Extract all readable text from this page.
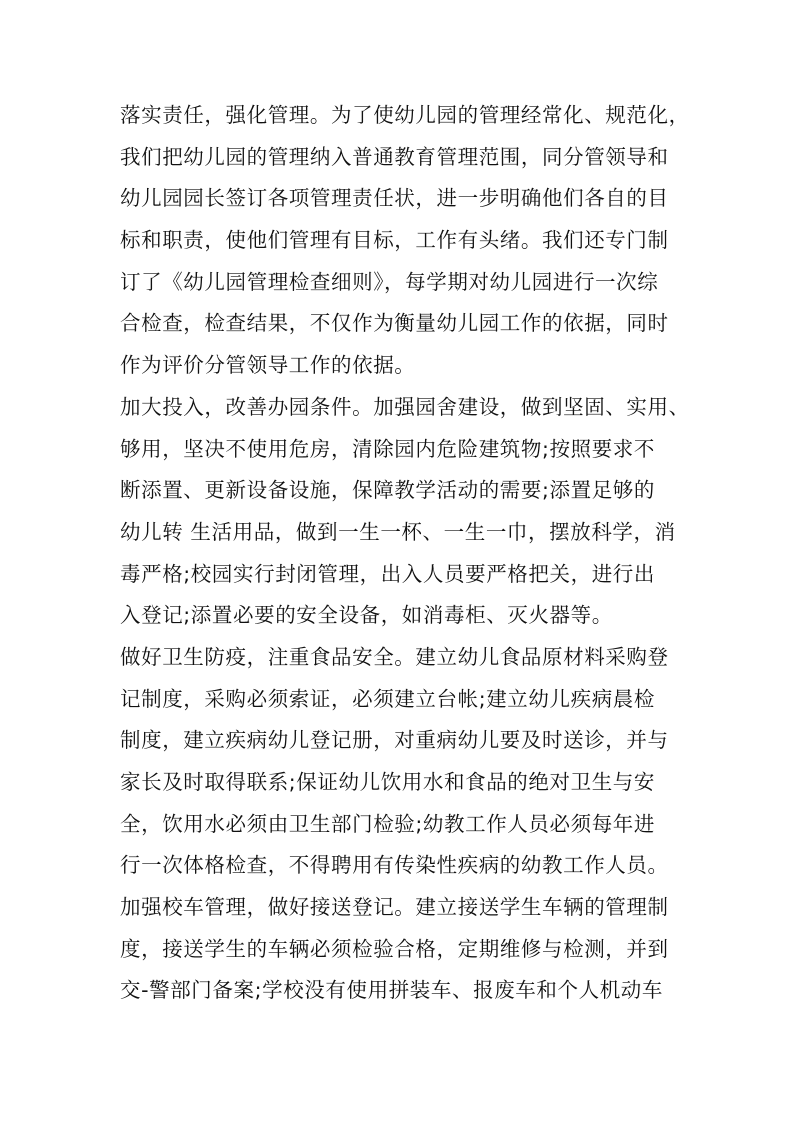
落实责任，强化管理。为了使幼儿园的管理经常化、规范化，
我们把幼儿园的管理纳入普通教育管理范围，同分管领导和
幼儿园园长签订各项管理责任状，进一步明确他们各自的目
标和职责，使他们管理有目标，工作有头绪。我们还专门制
订了《幼儿园管理检查细则》，每学期对幼儿园进行一次综
合检查，检查结果，不仅作为衡量幼儿园工作的依据，同时
作为评价分管领导工作的依据。
加大投入，改善办园条件。加强园舍建设，做到坚固、实用、
够用，坚决不使用危房，清除园内危险建筑物;按照要求不
断添置、更新设备设施，保障教学活动的需要;添置足够的
幼儿转 生活用品，做到一生一杯、一生一巾，摆放科学，消
毒严格;校园实行封闭管理，出入人员要严格把关，进行出
入登记;添置必要的安全设备，如消毒柜、灭火器等。
做好卫生防疫，注重食品安全。建立幼儿食品原材料采购登
记制度，采购必须索证，必须建立台帐;建立幼儿疾病晨检
制度，建立疾病幼儿登记册，对重病幼儿要及时送诊，并与
家长及时取得联系;保证幼儿饮用水和食品的绝对卫生与安
全，饮用水必须由卫生部门检验;幼教工作人员必须每年进
行一次体格检查，不得聘用有传染性疾病的幼教工作人员。
加强校车管理，做好接送登记。建立接送学生车辆的管理制
度，接送学生的车辆必须检验合格，定期维修与检测，并到
交-警部门备案;学校没有使用拼装车、报废车和个人机动车
